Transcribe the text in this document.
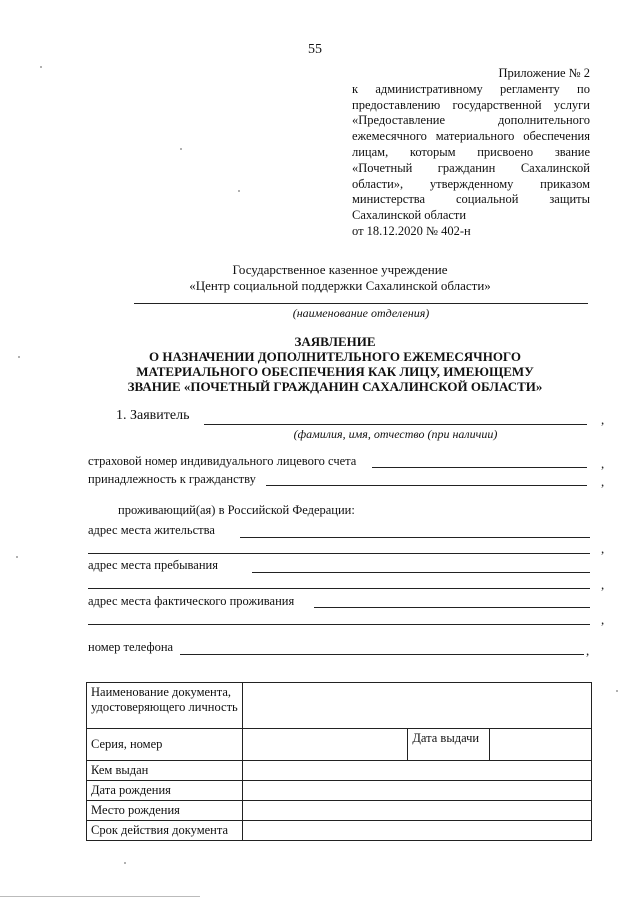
55
Приложение № 2
к административному регламенту по
предоставлению государственной услуги
«Предоставление дополнительного
ежемесячного материального обеспечения
лицам, которым присвоено звание
«Почетный гражданин Сахалинской
области», утвержденному приказом
министерства социальной защиты
Сахалинской области
от 18.12.2020 № 402-н
Государственное казенное учреждение
«Центр социальной поддержки Сахалинской области»
(наименование отделения)
ЗАЯВЛЕНИЕ
О НАЗНАЧЕНИИ ДОПОЛНИТЕЛЬНОГО ЕЖЕМЕСЯЧНОГО
МАТЕРИАЛЬНОГО ОБЕСПЕЧЕНИЯ КАК ЛИЦУ, ИМЕЮЩЕМУ
ЗВАНИЕ «ПОЧЕТНЫЙ ГРАЖДАНИН САХАЛИНСКОЙ ОБЛАСТИ»
1. Заявитель	,
(фамилия, имя, отчество (при наличии)
страховой номер индивидуального лицевого счета	,
принадлежность к гражданству	,
проживающий(ая) в Российской Федерации:
адрес места жительства
,
адрес места пребывания
,
адрес места фактического проживания
,
номер телефона	,
Наименование документа, удостоверяющего личность			
Серия, номер		Дата выдачи	
Кем выдан			
Дата рождения			
Место рождения			
Срок действия документа			
